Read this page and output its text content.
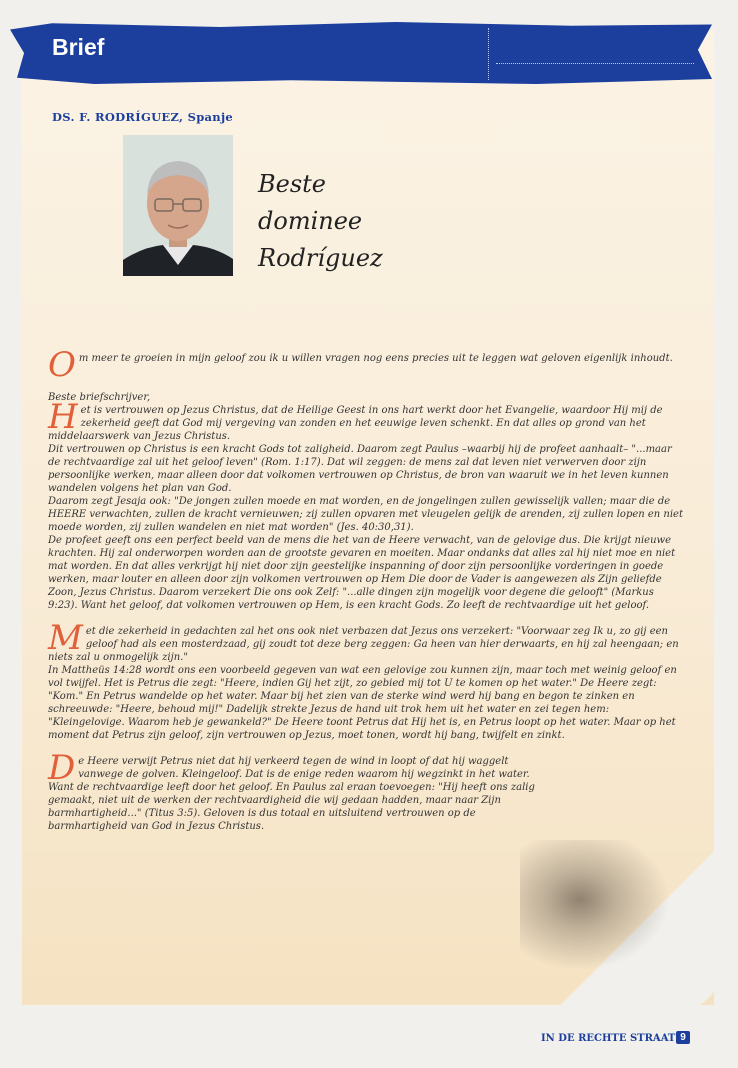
Brief
DS. F. RODRÍGUEZ, Spanje
Beste
dominee
Rodríguez

Om meer te groeien in mijn geloof zou ik u willen vragen nog eens precies uit te leggen wat geloven eigenlijk inhoudt.

Beste briefschrijver,

Het is vertrouwen op Jezus Christus, dat de Heilige Geest in ons hart werkt door het Evangelie, waardoor Hij mij de zekerheid geeft dat God mij vergeving van zonden en het eeuwige leven schenkt. En dat alles op grond van het middelaarswerk van Jezus Christus.

Dit vertrouwen op Christus is een kracht Gods tot zaligheid. Daarom zegt Paulus –waarbij hij de profeet aanhaalt– "...maar de rechtvaardige zal uit het geloof leven" (Rom. 1:17). Dat wil zeggen: de mens zal dat leven niet verwerven door zijn persoonlijke werken, maar alleen door dat volkomen vertrouwen op Christus, de bron van waaruit we in het leven kunnen wandelen volgens het plan van God.

Daarom zegt Jesaja ook: "De jongen zullen moede en mat worden, en de jongelingen zullen gewisselijk vallen; maar die de HEERE verwachten, zullen de kracht vernieuwen; zij zullen opvaren met vleugelen gelijk de arenden, zij zullen lopen en niet moede worden, zij zullen wandelen en niet mat worden" (Jes. 40:30,31).

De profeet geeft ons een perfect beeld van de mens die het van de Heere verwacht, van de gelovige dus. Die krijgt nieuwe krachten. Hij zal onderworpen worden aan de grootste gevaren en moeiten. Maar ondanks dat alles zal hij niet moe en niet mat worden. En dat alles verkrijgt hij niet door zijn geestelijke inspanning of door zijn persoonlijke vorderingen in goede werken, maar louter en alleen door zijn volkomen vertrouwen op Hem Die door de Vader is aangewezen als Zijn geliefde Zoon, Jezus Christus. Daarom verzekert Die ons ook Zelf: "...alle dingen zijn mogelijk voor degene die gelooft" (Markus 9:23). Want het geloof, dat volkomen vertrouwen op Hem, is een kracht Gods. Zo leeft de rechtvaardige uit het geloof.

Met die zekerheid in gedachten zal het ons ook niet verbazen dat Jezus ons verzekert: "Voorwaar zeg Ik u, zo gij een geloof had als een mosterdzaad, gij zoudt tot deze berg zeggen: Ga heen van hier derwaarts, en hij zal heengaan; en niets zal u onmogelijk zijn."

In Mattheüs 14:28 wordt ons een voorbeeld gegeven van wat een gelovige zou kunnen zijn, maar toch met weinig geloof en vol twijfel. Het is Petrus die zegt: "Heere, indien Gij het zijt, zo gebied mij tot U te komen op het water." De Heere zegt: "Kom." En Petrus wandelde op het water. Maar bij het zien van de sterke wind werd hij bang en begon te zinken en schreeuwde: "Heere, behoud mij!" Dadelijk strekte Jezus de hand uit trok hem uit het water en zei tegen hem: "Kleingelovige. Waarom heb je gewankeld?" De Heere toont Petrus dat Hij het is, en Petrus loopt op het water. Maar op het moment dat Petrus zijn geloof, zijn vertrouwen op Jezus, moet tonen, wordt hij bang, twijfelt en zinkt.

De Heere verwijt Petrus niet dat hij verkeerd tegen de wind in loopt of dat hij waggelt vanwege de golven. Kleingeloof. Dat is de enige reden waarom hij wegzinkt in het water. Want de rechtvaardige leeft door het geloof. En Paulus zal eraan toevoegen: "Hij heeft ons zalig gemaakt, niet uit de werken der rechtvaardigheid die wij gedaan hadden, maar naar Zijn barmhartigheid..." (Titus 3:5). Geloven is dus totaal en uitsluitend vertrouwen op de barmhartigheid van God in Jezus Christus.

IN DE RECHTE STRAAT 9
